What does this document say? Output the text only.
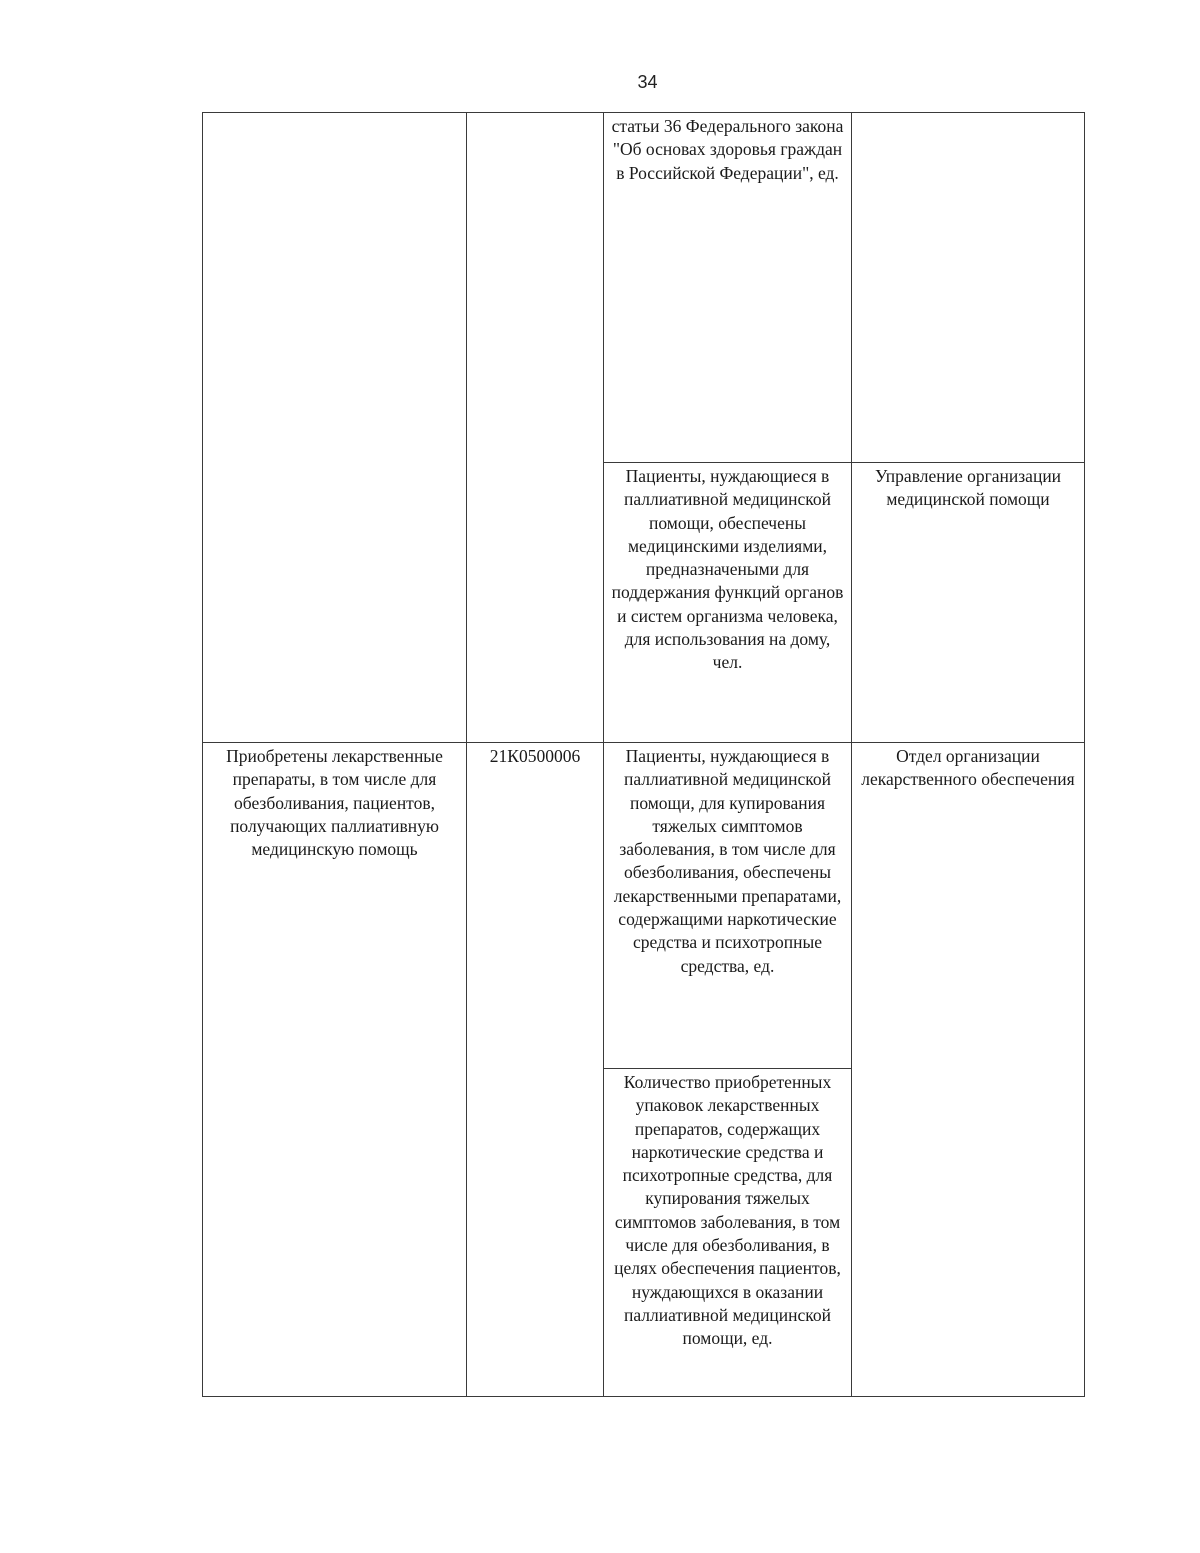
34
		статьи 36 Федерального закона "Об основах здоровья граждан в Российской Федерации", ед.	
		Пациенты, нуждающиеся в паллиативной медицинской помощи, обеспечены медицинскими изделиями, предназначеными для поддержания функций органов и систем организма человека, для использования на дому, чел.	Управление организации медицинской помощи
Приобретены лекарственные препараты, в том числе для обезболивания, пациентов, получающих паллиативную медицинскую помощь	21К0500006	Пациенты, нуждающиеся в паллиативной медицинской помощи, для купирования тяжелых симптомов заболевания, в том числе для обезболивания, обеспечены лекарственными препаратами, содержащими наркотические средства и психотропные средства, ед.	Отдел организации лекарственного обеспечения
		Количество приобретенных упаковок лекарственных препаратов, содержащих наркотические средства и психотропные средства, для купирования тяжелых симптомов заболевания, в том числе для обезболивания, в целях обеспечения пациентов, нуждающихся в оказании паллиативной медицинской помощи, ед.	
